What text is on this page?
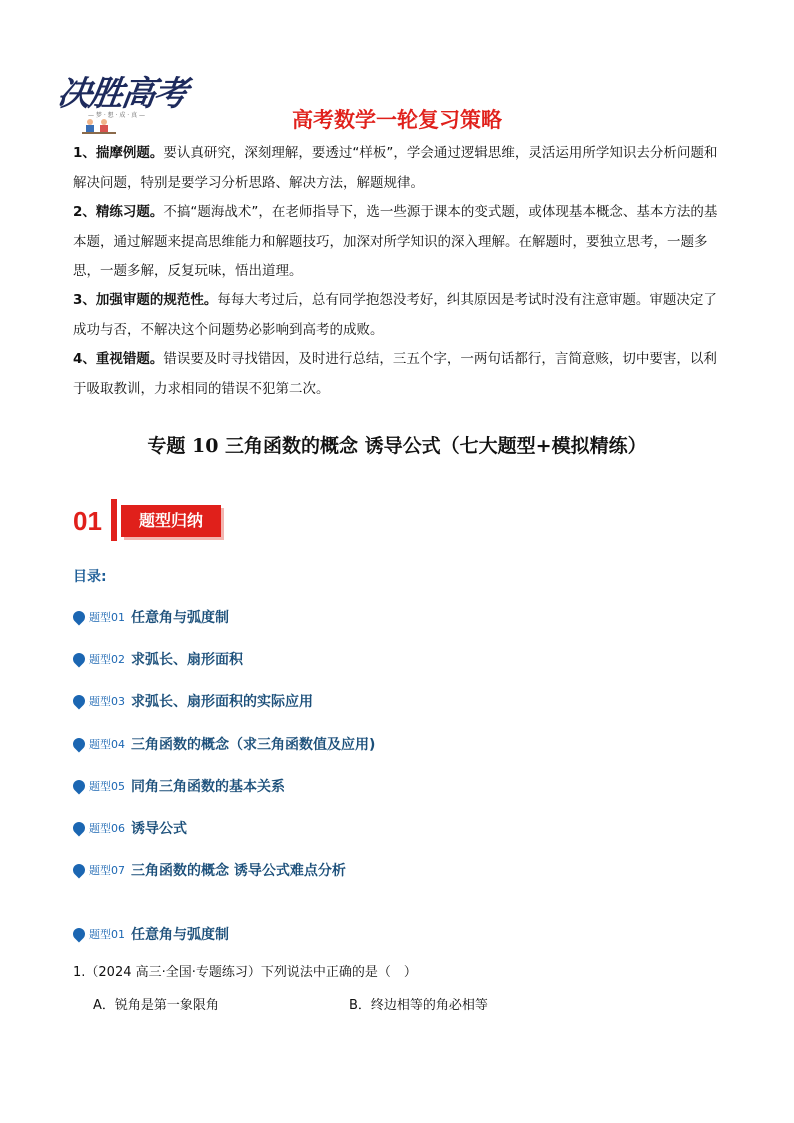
决胜高考
— 梦 · 想 · 成 · 真 —	高考数学一轮复习策略
1、揣摩例题。要认真研究，深刻理解，要透过“样板”，学会通过逻辑思维，灵活运用所学知识去分析问题和解决问题，特别是要学习分析思路、解决方法，解题规律。
2、精练习题。不搞“题海战术”，在老师指导下，选一些源于课本的变式题，或体现基本概念、基本方法的基本题，通过解题来提高思维能力和解题技巧，加深对所学知识的深入理解。在解题时，要独立思考，一题多思，一题多解，反复玩味，悟出道理。
3、加强审题的规范性。每每大考过后，总有同学抱怨没考好，纠其原因是考试时没有注意审题。审题决定了成功与否，不解决这个问题势必影响到高考的成败。
4、重视错题。错误要及时寻找错因，及时进行总结，三五个字，一两句话都行，言简意赅，切中要害，以利于吸取教训，力求相同的错误不犯第二次。
专题 10 三角函数的概念 诱导公式（七大题型+模拟精练）
01	题型归纳
目录:
题型01 任意角与弧度制
题型02 求弧长、扇形面积
题型03 求弧长、扇形面积的实际应用
题型04 三角函数的概念（求三角函数值及应用)
题型05 同角三角函数的基本关系
题型06 诱导公式
题型07 三角函数的概念 诱导公式难点分析
题型01 任意角与弧度制
1.（2024 高三·全国·专题练习）下列说法中正确的是（　）
A．锐角是第一象限角	B．终边相等的角必相等
